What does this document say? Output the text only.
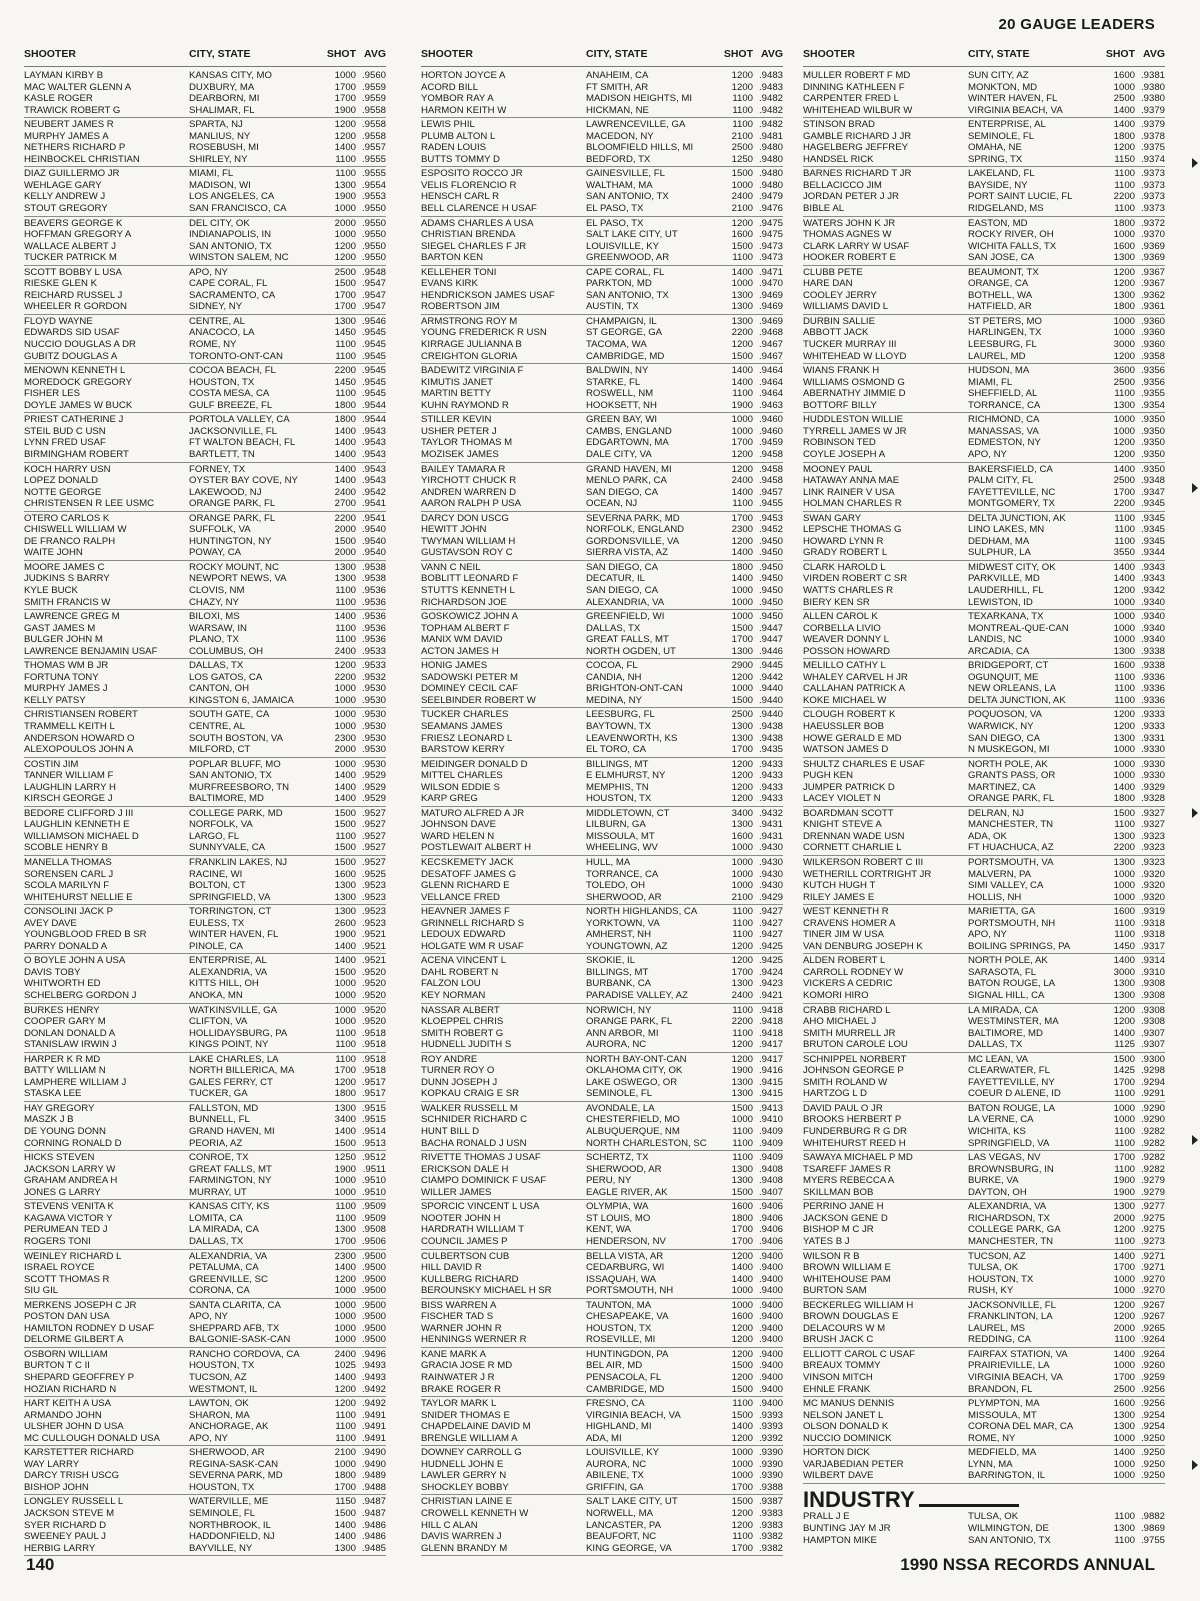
20 GAUGE LEADERS
SHOOTER	CITY, STATE	SHOT AVG
LAYMAN KIRBY B	KANSAS CITY, MO	1000 .9560
MAC WALTER GLENN A	DUXBURY, MA	1700 .9559
KASLE ROGER	DEARBORN, MI	1700 .9559
TRAWICK ROBERT G	SHALIMAR, FL	1900 .9558
NEUBERT JAMES R	SPARTA, NJ	1200 .9558
MURPHY JAMES A	MANLIUS, NY	1200 .9558
NETHERS RICHARD P	ROSEBUSH, MI	1400 .9557
HEINBOCKEL CHRISTIAN	SHIRLEY, NY	1100 .9555
DIAZ GUILLERMO JR	MIAMI, FL	1100 .9555
WEHLAGE GARY	MADISON, WI	1300 .9554
KELLY ANDREW J	LOS ANGELES, CA	1900 .9553
STOUT GREGORY	SAN FRANCISCO, CA	1000 .9550
BEAVERS GEORGE K	DEL CITY, OK	2000 .9550
HOFFMAN GREGORY A	INDIANAPOLIS, IN	1000 .9550
WALLACE ALBERT J	SAN ANTONIO, TX	1200 .9550
TUCKER PATRICK M	WINSTON SALEM, NC	1200 .9550
SCOTT BOBBY L USA	APO, NY	2500 .9548
RIESKE GLEN K	CAPE CORAL, FL	1500 .9547
REICHARD RUSSEL J	SACRAMENTO, CA	1700 .9547
WHEELER R GORDON	SIDNEY, NY	1700 .9547
FLOYD WAYNE	CENTRE, AL	1300 .9546
EDWARDS SID USAF	ANACOCO, LA	1450 .9545
NUCCIO DOUGLAS A DR	ROME, NY	1100 .9545
GUBITZ DOUGLAS A	TORONTO-ONT-CAN	1100 .9545
MENOWN KENNETH L	COCOA BEACH, FL	2200 .9545
MOREDOCK GREGORY	HOUSTON, TX	1450 .9545
FISHER LES	COSTA MESA, CA	1100 .9545
DOYLE JAMES W BUCK	GULF BREEZE, FL	1800 .9544
PRIEST CATHERINE J	PORTOLA VALLEY, CA	1800 .9544
STEIL BUD C USN	JACKSONVILLE, FL	1400 .9543
LYNN FRED USAF	FT WALTON BEACH, FL	1400 .9543
BIRMINGHAM ROBERT	BARTLETT, TN	1400 .9543
KOCH HARRY USN	FORNEY, TX	1400 .9543
LOPEZ DONALD	OYSTER BAY COVE, NY	1400 .9543
NOTTE GEORGE	LAKEWOOD, NJ	2400 .9542
CHRISTENSEN R LEE USMC	ORANGE PARK, FL	2700 .9541
OTERO CARLOS K	ORANGE PARK, FL	2200 .9541
CHISWELL WILLIAM W	SUFFOLK, VA	2000 .9540
DE FRANCO RALPH	HUNTINGTON, NY	1500 .9540
WAITE JOHN	POWAY, CA	2000 .9540
MOORE JAMES C	ROCKY MOUNT, NC	1300 .9538
JUDKINS S BARRY	NEWPORT NEWS, VA	1300 .9538
KYLE BUCK	CLOVIS, NM	1100 .9536
SMITH FRANCIS W	CHAZY, NY	1100 .9536
LAWRENCE GREG M	BILOXI, MS	1400 .9536
GAST JAMES M	WARSAW, IN	1100 .9536
BULGER JOHN M	PLANO, TX	1100 .9536
LAWRENCE BENJAMIN USAF	COLUMBUS, OH	2400 .9533
THOMAS WM B JR	DALLAS, TX	1200 .9533
FORTUNA TONY	LOS GATOS, CA	2200 .9532
MURPHY JAMES J	CANTON, OH	1000 .9530
KELLY PATSY	KINGSTON 6, JAMAICA	1000 .9530
CHRISTIANSEN ROBERT	SOUTH GATE, CA	1000 .9530
TRAMMELL KEITH L	CENTRE, AL	1000 .9530
ANDERSON HOWARD O	SOUTH BOSTON, VA	2300 .9530
ALEXOPOULOS JOHN A	MILFORD, CT	2000 .9530
COSTIN JIM	POPLAR BLUFF, MO	1000 .9530
TANNER WILLIAM F	SAN ANTONIO, TX	1400 .9529
LAUGHLIN LARRY H	MURFREESBORO, TN	1400 .9529
KIRSCH GEORGE J	BALTIMORE, MD	1400 .9529
BEDORE CLIFFORD J III	COLLEGE PARK, MD	1500 .9527
LAUGHLIN KENNETH E	NORFOLK, VA	1500 .9527
WILLIAMSON MICHAEL D	LARGO, FL	1100 .9527
SCOBLE HENRY B	SUNNYVALE, CA	1500 .9527
MANELLA THOMAS	FRANKLIN LAKES, NJ	1500 .9527
SORENSEN CARL J	RACINE, WI	1600 .9525
SCOLA MARILYN F	BOLTON, CT	1300 .9523
WHITEHURST NELLIE E	SPRINGFIELD, VA	1300 .9523
CONSOLINI JACK P	TORRINGTON, CT	1300 .9523
AVEY DAVE	EULESS, TX	2600 .9523
YOUNGBLOOD FRED B SR	WINTER HAVEN, FL	1900 .9521
PARRY DONALD A	PINOLE, CA	1400 .9521
O BOYLE JOHN A USA	ENTERPRISE, AL	1400 .9521
DAVIS TOBY	ALEXANDRIA, VA	1500 .9520
WHITWORTH ED	KITTS HILL, OH	1000 .9520
SCHELBERG GORDON J	ANOKA, MN	1000 .9520
BURKES HENRY	WATKINSVILLE, GA	1000 .9520
COOPER GARY M	CLIFTON, VA	1000 .9520
DONLAN DONALD A	HOLLIDAYSBURG, PA	1100 .9518
STANISLAW IRWIN J	KINGS POINT, NY	1100 .9518
HARPER K R MD	LAKE CHARLES, LA	1100 .9518
BATTY WILLIAM N	NORTH BILLERICA, MA	1700 .9518
LAMPHERE WILLIAM J	GALES FERRY, CT	1200 .9517
STASKA LEE	TUCKER, GA	1800 .9517
HAY GREGORY	FALLSTON, MD	1300 .9515
MASZK J B	BUNNELL, FL	3400 .9515
DE YOUNG DONN	GRAND HAVEN, MI	1400 .9514
CORNING RONALD D	PEORIA, AZ	1500 .9513
HICKS STEVEN	CONROE, TX	1250 .9512
JACKSON LARRY W	GREAT FALLS, MT	1900 .9511
GRAHAM ANDREA H	FARMINGTON, NY	1000 .9510
JONES G LARRY	MURRAY, UT	1000 .9510
STEVENS VENITA K	KANSAS CITY, KS	1100 .9509
KAGAWA VICTOR Y	LOMITA, CA	1100 .9509
PERUMEAN TED J	LA MIRADA, CA	1300 .9508
ROGERS TONI	DALLAS, TX	1700 .9506
WEINLEY RICHARD L	ALEXANDRIA, VA	2300 .9500
ISRAEL ROYCE	PETALUMA, CA	1400 .9500
SCOTT THOMAS R	GREENVILLE, SC	1200 .9500
SIU GIL	CORONA, CA	1000 .9500
MERKENS JOSEPH C JR	SANTA CLARITA, CA	1000 .9500
POSTON DAN USA	APO, NY	1000 .9500
HAMILTON RODNEY D USAF	SHEPPARD AFB, TX	1000 .9500
DELORME GILBERT A	BALGONIE-SASK-CAN	1000 .9500
OSBORN WILLIAM	RANCHO CORDOVA, CA	2400 .9496
BURTON T C II	HOUSTON, TX	1025 .9493
SHEPARD GEOFFREY P	TUCSON, AZ	1400 .9493
HOZIAN RICHARD N	WESTMONT, IL	1200 .9492
HART KEITH A USA	LAWTON, OK	1200 .9492
ARMANDO JOHN	SHARON, MA	1100 .9491
ULSHER JOHN D USA	ANCHORAGE, AK	1100 .9491
MC CULLOUGH DONALD USA	APO, NY	1100 .9491
KARSTETTER RICHARD	SHERWOOD, AR	2100 .9490
WAY LARRY	REGINA-SASK-CAN	1000 .9490
DARCY TRISH USCG	SEVERNA PARK, MD	1800 .9489
BISHOP JOHN	HOUSTON, TX	1700 .9488
LONGLEY RUSSELL L	WATERVILLE, ME	1150 .9487
JACKSON STEVE M	SEMINOLE, FL	1500 .9487
SYER RICHARD D	NORTHBROOK, IL	1400 .9486
SWEENEY PAUL J	HADDONFIELD, NJ	1400 .9486
HERBIG LARRY	BAYVILLE, NY	1300 .9485
SHOOTER	CITY, STATE	SHOT AVG
HORTON JOYCE A	ANAHEIM, CA	1200 .9483
ACORD BILL	FT SMITH, AR	1200 .9483
YOMBOR RAY A	MADISON HEIGHTS, MI	1100 .9482
HARMON KEITH W	HICKMAN, NE	1100 .9482
LEWIS PHIL	LAWRENCEVILLE, GA	1100 .9482
PLUMB ALTON L	MACEDON, NY	2100 .9481
RADEN LOUIS	BLOOMFIELD HILLS, MI	2500 .9480
BUTTS TOMMY D	BEDFORD, TX	1250 .9480
ESPOSITO ROCCO JR	GAINESVILLE, FL	1500 .9480
VELIS FLORENCIO R	WALTHAM, MA	1000 .9480
HENSCH CARL R	SAN ANTONIO, TX	2400 .9479
BELL CLARENCE H USAF	EL PASO, TX	2100 .9476
ADAMS CHARLES A USA	EL PASO, TX	1200 .9475
CHRISTIAN BRENDA	SALT LAKE CITY, UT	1600 .9475
SIEGEL CHARLES F JR	LOUISVILLE, KY	1500 .9473
BARTON KEN	GREENWOOD, AR	1100 .9473
KELLEHER TONI	CAPE CORAL, FL	1400 .9471
EVANS KIRK	PARKTON, MD	1000 .9470
HENDRICKSON JAMES USAF	SAN ANTONIO, TX	1300 .9469
ROBERTSON JIM	AUSTIN, TX	1300 .9469
ARMSTRONG ROY M	CHAMPAIGN, IL	1300 .9469
YOUNG FREDERICK R USN	ST GEORGE, GA	2200 .9468
KIRRAGE JULIANNA B	TACOMA, WA	1200 .9467
CREIGHTON GLORIA	CAMBRIDGE, MD	1500 .9467
BADEWITZ VIRGINIA F	BALDWIN, NY	1400 .9464
KIMUTIS JANET	STARKE, FL	1400 .9464
MARTIN BETTY	ROSWELL, NM	1100 .9464
KUHN RAYMOND R	HOOKSETT, NH	1900 .9463
STILLER KEVIN	GREEN BAY, WI	1000 .9460
USHER PETER J	CAMBS, ENGLAND	1000 .9460
TAYLOR THOMAS M	EDGARTOWN, MA	1700 .9459
MOZISEK JAMES	DALE CITY, VA	1200 .9458
BAILEY TAMARA R	GRAND HAVEN, MI	1200 .9458
YIRCHOTT CHUCK R	MENLO PARK, CA	2400 .9458
ANDREN WARREN D	SAN DIEGO, CA	1400 .9457
AARON RALPH P USA	OCEAN, NJ	1100 .9455
DARCY DON USCG	SEVERNA PARK, MD	1700 .9453
HEWITT JOHN	NORFOLK, ENGLAND	2300 .9452
TWYMAN WILLIAM H	GORDONSVILLE, VA	1200 .9450
GUSTAVSON ROY C	SIERRA VISTA, AZ	1400 .9450
VANN C NEIL	SAN DIEGO, CA	1800 .9450
BOBLITT LEONARD F	DECATUR, IL	1400 .9450
STUTTS KENNETH L	SAN DIEGO, CA	1000 .9450
RICHARDSON JOE	ALEXANDRIA, VA	1000 .9450
GOSKOWICZ JOHN A	GREENFIELD, WI	1000 .9450
TOPHAM ALBERT F	DALLAS, TX	1500 .9447
MANIX WM DAVID	GREAT FALLS, MT	1700 .9447
ACTON JAMES H	NORTH OGDEN, UT	1300 .9446
HONIG JAMES	COCOA, FL	2900 .9445
SADOWSKI PETER M	CANDIA, NH	1200 .9442
DOMINEY CECIL CAF	BRIGHTON-ONT-CAN	1000 .9440
SEELBINDER ROBERT W	MEDINA, NY	1500 .9440
TUCKER CHARLES	LEESBURG, FL	2500 .9440
SEAMANS JAMES	BAYTOWN, TX	1300 .9438
FRIESZ LEONARD L	LEAVENWORTH, KS	1300 .9438
BARSTOW KERRY	EL TORO, CA	1700 .9435
MEIDINGER DONALD D	BILLINGS, MT	1200 .9433
MITTEL CHARLES	E ELMHURST, NY	1200 .9433
WILSON EDDIE S	MEMPHIS, TN	1200 .9433
KARP GREG	HOUSTON, TX	1200 .9433
MATURO ALFRED A JR	MIDDLETOWN, CT	3400 .9432
JOHNSON DAVE	LILBURN, GA	1300 .9431
WARD HELEN N	MISSOULA, MT	1600 .9431
POSTLEWAIT ALBERT H	WHEELING, WV	1000 .9430
KECSKEMETY JACK	HULL, MA	1000 .9430
DESATOFF JAMES G	TORRANCE, CA	1000 .9430
GLENN RICHARD E	TOLEDO, OH	1000 .9430
VELLANCE FRED	SHERWOOD, AR	2100 .9429
HEAVNER JAMES F	NORTH HIGHLANDS, CA	1100 .9427
GRINNELL RICHARD S	YORKTOWN, VA	1100 .9427
LEDOUX EDWARD	AMHERST, NH	1100 .9427
HOLGATE WM R USAF	YOUNGTOWN, AZ	1200 .9425
ACENA VINCENT L	SKOKIE, IL	1200 .9425
DAHL ROBERT N	BILLINGS, MT	1700 .9424
FALZON LOU	BURBANK, CA	1300 .9423
KEY NORMAN	PARADISE VALLEY, AZ	2400 .9421
NASSAR ALBERT	NORWICH, NY	1100 .9418
KLOEPPEL CHRIS	ORANGE PARK, FL	2200 .9418
SMITH ROBERT G	ANN ARBOR, MI	1100 .9418
HUDNELL JUDITH S	AURORA, NC	1200 .9417
ROY ANDRE	NORTH BAY-ONT-CAN	1200 .9417
TURNER ROY O	OKLAHOMA CITY, OK	1900 .9416
DUNN JOSEPH J	LAKE OSWEGO, OR	1300 .9415
KOPKAU CRAIG E SR	SEMINOLE, FL	1300 .9415
WALKER RUSSELL M	AVONDALE, LA	1500 .9413
SCHNIDER RICHARD C	CHESTERFIELD, MO	1000 .9410
HUNT BILL D	ALBUQUERQUE, NM	1100 .9409
BACHA RONALD J USN	NORTH CHARLESTON, SC	1100 .9409
RIVETTE THOMAS J USAF	SCHERTZ, TX	1100 .9409
ERICKSON DALE H	SHERWOOD, AR	1300 .9408
CIAMPO DOMINICK F USAF	PERU, NY	1300 .9408
WILLER JAMES	EAGLE RIVER, AK	1500 .9407
SPORCIC VINCENT L USA	OLYMPIA, WA	1600 .9406
NOOTER JOHN H	ST LOUIS, MO	1800 .9406
HARDRATH WILLIAM T	KENT, WA	1700 .9406
COUNCIL JAMES P	HENDERSON, NV	1700 .9406
CULBERTSON CUB	BELLA VISTA, AR	1200 .9400
HILL DAVID R	CEDARBURG, WI	1400 .9400
KULLBERG RICHARD	ISSAQUAH, WA	1400 .9400
BEROUNSKY MICHAEL H SR	PORTSMOUTH, NH	1000 .9400
BISS WARREN A	TAUNTON, MA	1000 .9400
FISCHER TAD S	CHESAPEAKE, VA	1600 .9400
WARNER JOHN R	HOUSTON, TX	1200 .9400
HENNINGS WERNER R	ROSEVILLE, MI	1200 .9400
KANE MARK A	HUNTINGDON, PA	1200 .9400
GRACIA JOSE R MD	BEL AIR, MD	1500 .9400
RAINWATER J R	PENSACOLA, FL	1200 .9400
BRAKE ROGER R	CAMBRIDGE, MD	1500 .9400
TAYLOR MARK L	FRESNO, CA	1100 .9400
SNIDER THOMAS E	VIRGINIA BEACH, VA	1500 .9393
CHAPDELAINE DAVID M	HIGHLAND, MI	1400 .9393
BRENGLE WILLIAM A	ADA, MI	1200 .9392
DOWNEY CARROLL G	LOUISVILLE, KY	1000 .9390
HUDNELL JOHN E	AURORA, NC	1000 .9390
LAWLER GERRY N	ABILENE, TX	1000 .9390
SHOCKLEY BOBBY	GRIFFIN, GA	1700 .9388
CHRISTIAN LAINE E	SALT LAKE CITY, UT	1500 .9387
CROWELL KENNETH W	NORWELL, MA	1200 .9383
HILL C ALAN	LANCASTER, PA	1200 .9383
DAVIS WARREN J	BEAUFORT, NC	1100 .9382
GLENN BRANDY M	KING GEORGE, VA	1700 .9382
SHOOTER	CITY, STATE	SHOT AVG
MULLER ROBERT F MD	SUN CITY, AZ	1600 .9381
DINNING KATHLEEN F	MONKTON, MD	1000 .9380
CARPENTER FRED L	WINTER HAVEN, FL	2500 .9380
WHITEHEAD WILBUR W	VIRGINIA BEACH, VA	1400 .9379
STINSON BRAD	ENTERPRISE, AL	1400 .9379
GAMBLE RICHARD J JR	SEMINOLE, FL	1800 .9378
HAGELBERG JEFFREY	OMAHA, NE	1200 .9375
HANDSEL RICK	SPRING, TX	1150 .9374
BARNES RICHARD T JR	LAKELAND, FL	1100 .9373
BELLACICCO JIM	BAYSIDE, NY	1100 .9373
JORDAN PETER J JR	PORT SAINT LUCIE, FL	2200 .9373
BIBLE AL	RIDGELAND, MS	1100 .9373
WATERS JOHN K JR	EASTON, MD	1800 .9372
THOMAS AGNES W	ROCKY RIVER, OH	1000 .9370
CLARK LARRY W USAF	WICHITA FALLS, TX	1600 .9369
HOOKER ROBERT E	SAN JOSE, CA	1300 .9369
CLUBB PETE	BEAUMONT, TX	1200 .9367
HARE DAN	ORANGE, CA	1200 .9367
COOLEY JERRY	BOTHELL, WA	1300 .9362
WILLIAMS DAVID L	HATFIELD, AR	1800 .9361
DURBIN SALLIE	ST PETERS, MO	1000 .9360
ABBOTT JACK	HARLINGEN, TX	1000 .9360
TUCKER MURRAY III	LEESBURG, FL	3000 .9360
WHITEHEAD W LLOYD	LAUREL, MD	1200 .9358
WIANS FRANK H	HUDSON, MA	3600 .9356
WILLIAMS OSMOND G	MIAMI, FL	2500 .9356
ABERNATHY JIMMIE D	SHEFFIELD, AL	1100 .9355
BOTTORF BILLY	TORRANCE, CA	1300 .9354
HUDDLESTON WILLIE	RICHMOND, CA	1000 .9350
TYRRELL JAMES W JR	MANASSAS, VA	1000 .9350
ROBINSON TED	EDMESTON, NY	1200 .9350
COYLE JOSEPH A	APO, NY	1200 .9350
MOONEY PAUL	BAKERSFIELD, CA	1400 .9350
HATAWAY ANNA MAE	PALM CITY, FL	2500 .9348
LINK RAINER V USA	FAYETTEVILLE, NC	1700 .9347
HOLMAN CHARLES R	MONTGOMERY, TX	2200 .9345
SWAN GARY	DELTA JUNCTION, AK	1100 .9345
LEPSCHE THOMAS G	LINO LAKES, MN	1100 .9345
HOWARD LYNN R	DEDHAM, MA	1100 .9345
GRADY ROBERT L	SULPHUR, LA	3550 .9344
CLARK HAROLD L	MIDWEST CITY, OK	1400 .9343
VIRDEN ROBERT C SR	PARKVILLE, MD	1400 .9343
WATTS CHARLES R	LAUDERHILL, FL	1200 .9342
BIERY KEN SR	LEWISTON, ID	1000 .9340
ALLEN CAROL K	TEXARKANA, TX	1000 .9340
CORBELLA LIVIO	MONTREAL-QUE-CAN	1000 .9340
WEAVER DONNY L	LANDIS, NC	1000 .9340
POSSON HOWARD	ARCADIA, CA	1300 .9338
MELILLO CATHY L	BRIDGEPORT, CT	1600 .9338
WHALEY CARVEL H JR	OGUNQUIT, ME	1100 .9336
CALLAHAN PATRICK A	NEW ORLEANS, LA	1100 .9336
KOKE MICHAEL W	DELTA JUNCTION, AK	1100 .9336
CLOUGH ROBERT K	POQUOSON, VA	1200 .9333
HAEUSSLER BOB	WARWICK, NY	1200 .9333
HOWE GERALD E MD	SAN DIEGO, CA	1300 .9331
WATSON JAMES D	N MUSKEGON, MI	1000 .9330
SHULTZ CHARLES E USAF	NORTH POLE, AK	1000 .9330
PUGH KEN	GRANTS PASS, OR	1000 .9330
JUMPER PATRICK D	MARTINEZ, CA	1400 .9329
LACEY VIOLET N	ORANGE PARK, FL	1800 .9328
BOARDMAN SCOTT	DELRAN, NJ	1500 .9327
KNIGHT STEVE A	MANCHESTER, TN	1100 .9327
DRENNAN WADE USN	ADA, OK	1300 .9323
CORNETT CHARLIE L	FT HUACHUCA, AZ	2200 .9323
WILKERSON ROBERT C III	PORTSMOUTH, VA	1300 .9323
WETHERILL CORTRIGHT JR	MALVERN, PA	1000 .9320
KUTCH HUGH T	SIMI VALLEY, CA	1000 .9320
RILEY JAMES E	HOLLIS, NH	1000 .9320
WEST KENNETH R	MARIETTA, GA	1600 .9319
CRAVENS HOMER A	PORTSMOUTH, NH	1100 .9318
TINER JIM W USA	APO, NY	1100 .9318
VAN DENBURG JOSEPH K	BOILING SPRINGS, PA	1450 .9317
ALDEN ROBERT L	NORTH POLE, AK	1400 .9314
CARROLL RODNEY W	SARASOTA, FL	3000 .9310
VICKERS A CEDRIC	BATON ROUGE, LA	1300 .9308
KOMORI HIRO	SIGNAL HILL, CA	1300 .9308
CRABB RICHARD L	LA MIRADA, CA	1200 .9308
AHO MICHAEL J	WESTMINSTER, MA	1200 .9308
SMITH MURRELL JR	BALTIMORE, MD	1400 .9307
BRUTON CAROLE LOU	DALLAS, TX	1125 .9307
SCHNIPPEL NORBERT	MC LEAN, VA	1500 .9300
JOHNSON GEORGE P	CLEARWATER, FL	1425 .9298
SMITH ROLAND W	FAYETTEVILLE, NY	1700 .9294
HARTZOG L D	COEUR D ALENE, ID	1100 .9291
DAVID PAUL O JR	BATON ROUGE, LA	1000 .9290
BROOKS HERBERT P	LA VERNE, CA	1000 .9290
FUNDERBURG R G DR	WICHITA, KS	1100 .9282
WHITEHURST REED H	SPRINGFIELD, VA	1100 .9282
SAWAYA MICHAEL P MD	LAS VEGAS, NV	1700 .9282
TSAREFF JAMES R	BROWNSBURG, IN	1100 .9282
MYERS REBECCA A	BURKE, VA	1900 .9279
SKILLMAN BOB	DAYTON, OH	1900 .9279
PERRINO JANE H	ALEXANDRIA, VA	1300 .9277
JACKSON GENE D	RICHARDSON, TX	2000 .9275
BISHOP M C JR	COLLEGE PARK, GA	1200 .9275
YATES B J	MANCHESTER, TN	1100 .9273
WILSON R B	TUCSON, AZ	1400 .9271
BROWN WILLIAM E	TULSA, OK	1700 .9271
WHITEHOUSE PAM	HOUSTON, TX	1000 .9270
BURTON SAM	RUSH, KY	1000 .9270
BECKERLEG WILLIAM H	JACKSONVILLE, FL	1200 .9267
BROWN DOUGLAS E	FRANKLINTON, LA	1200 .9267
DELACOURS W M	LAUREL, MS	2000 .9265
BRUSH JACK C	REDDING, CA	1100 .9264
ELLIOTT CAROL C USAF	FAIRFAX STATION, VA	1400 .9264
BREAUX TOMMY	PRAIRIEVILLE, LA	1000 .9260
VINSON MITCH	VIRGINIA BEACH, VA	1700 .9259
EHNLE FRANK	BRANDON, FL	2500 .9256
MC MANUS DENNIS	PLYMPTON, MA	1600 .9256
NELSON JANET L	MISSOULA, MT	1300 .9254
OLSON DONALD K	CORONA DEL MAR, CA	1300 .9254
NUCCIO DOMINICK	ROME, NY	1000 .9250
HORTON DICK	MEDFIELD, MA	1400 .9250
VARJABEDIAN PETER	LYNN, MA	1000 .9250
WILBERT DAVE	BARRINGTON, IL	1000 .9250
INDUSTRY
PRALL J E	TULSA, OK	1100 .9882
BUNTING JAY M JR	WILMINGTON, DE	1300 .9869
HAMPTON MIKE	SAN ANTONIO, TX	1100 .9755
140	1990 NSSA RECORDS ANNUAL
